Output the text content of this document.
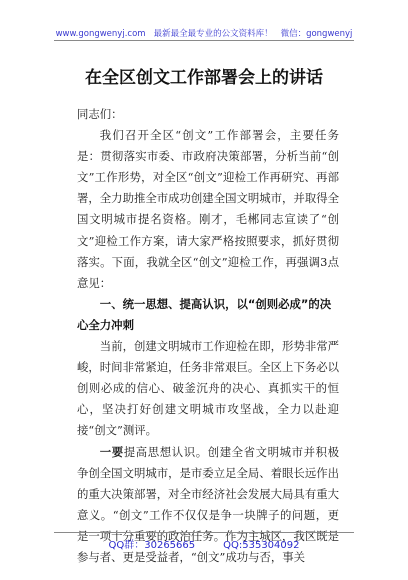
www.gongwenyj.com 最新最全最专业的公文资料库！ 微信：gongwenyj
在全区创文工作部署会上的讲话

同志们：

我们召开全区“创文”工作部署会，主要任务是：贯彻落实市委、市政府决策部署，分析当前“创文”工作形势，对全区“创文”迎检工作再研究、再部署，全力助推全市成功创建全国文明城市，并取得全国文明城市提名资格。刚才，毛郴同志宣读了“创文”迎检工作方案，请大家严格按照要求，抓好贯彻落实。下面，我就全区“创文”迎检工作，再强调3点意见：

一、统一思想、提高认识，以“创则必成”的决心全力冲刺

当前，创建文明城市工作迎检在即，形势非常严峻，时间非常紧迫，任务非常艰巨。全区上下务必以创则必成的信心、破釜沉舟的决心、真抓实干的恒心，坚决打好创建文明城市攻坚战，全力以赴迎接“创文”测评。

一要提高思想认识。创建全省文明城市并积极争创全国文明城市，是市委立足全局、着眼长远作出的重大决策部署，对全市经济社会发展大局具有重大意义。“创文”工作不仅仅是争一块牌子的问题，更是一项十分重要的政治任务。作为主城区，我区既是参与者、更是受益者，“创文”成功与否，事关

QQ群：30265665	QQ:535304092
